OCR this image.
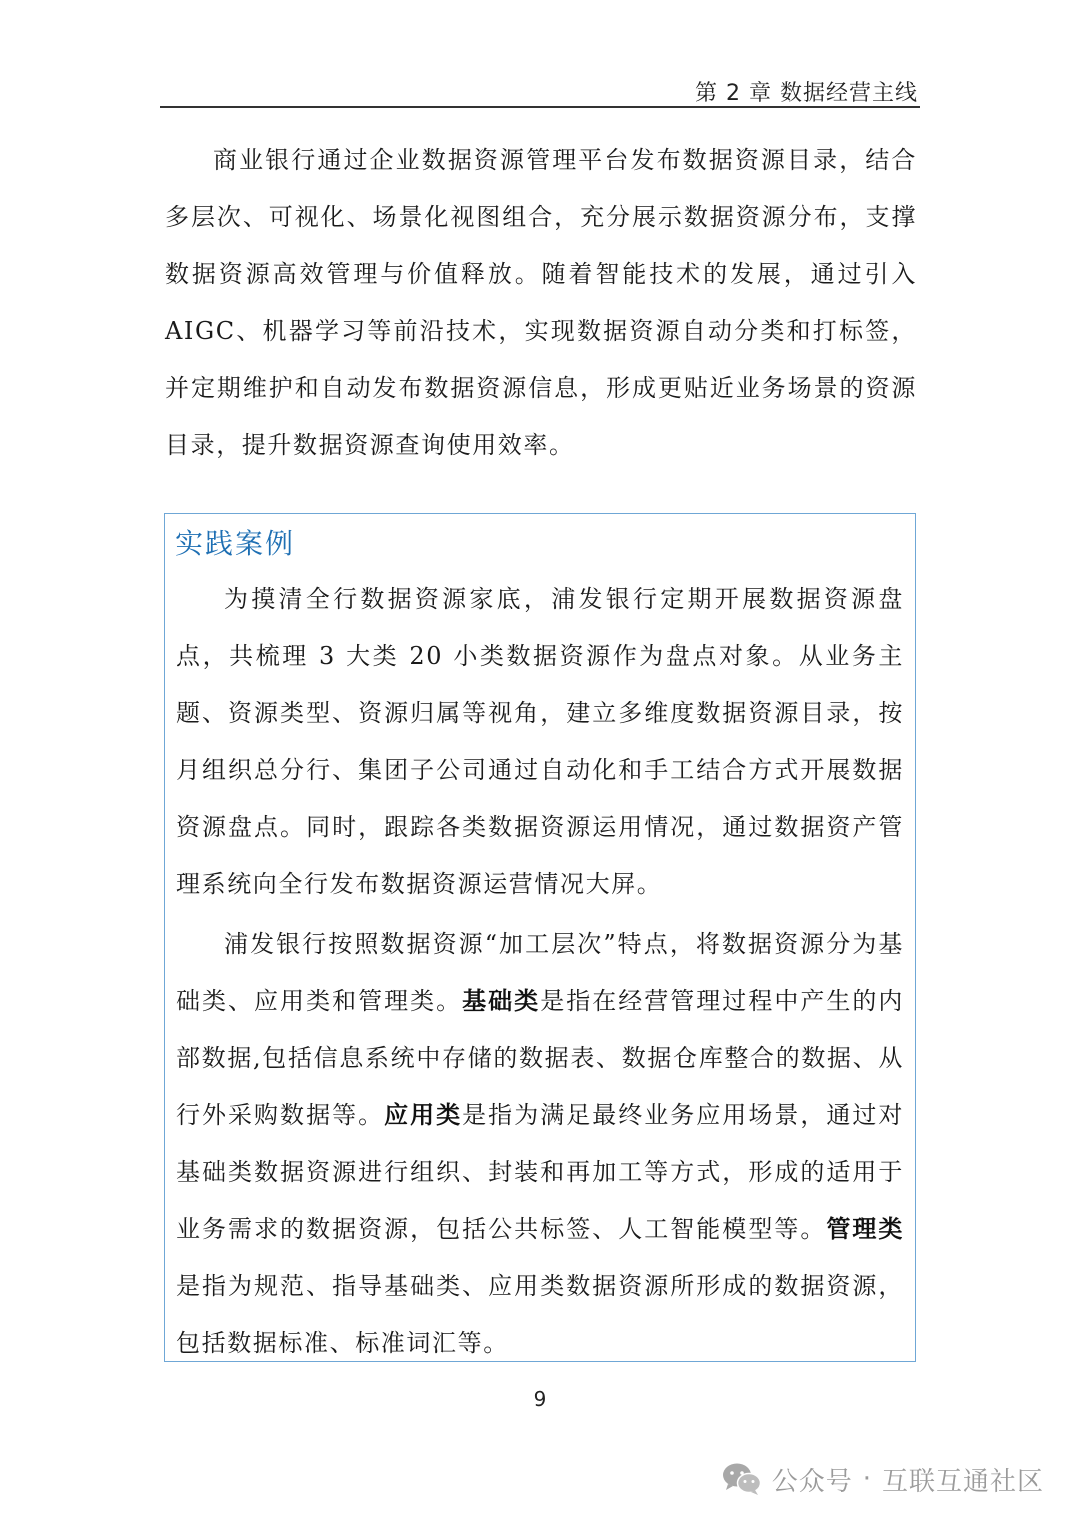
第 2 章 数据经营主线

商业银行通过企业数据资源管理平台发布数据资源目录，结合多层次、可视化、场景化视图组合，充分展示数据资源分布，支撑数据资源高效管理与价值释放。随着智能技术的发展，通过引入 AIGC、机器学习等前沿技术，实现数据资源自动分类和打标签，并定期维护和自动发布数据资源信息，形成更贴近业务场景的资源目录，提升数据资源查询使用效率。

实践案例

为摸清全行数据资源家底，浦发银行定期开展数据资源盘点，共梳理 3 大类 20 小类数据资源作为盘点对象。从业务主题、资源类型、资源归属等视角，建立多维度数据资源目录，按月组织总分行、集团子公司通过自动化和手工结合方式开展数据资源盘点。同时，跟踪各类数据资源运用情况，通过数据资产管理系统向全行发布数据资源运营情况大屏。

浦发银行按照数据资源“加工层次”特点，将数据资源分为基础类、应用类和管理类。基础类是指在经营管理过程中产生的内部数据,包括信息系统中存储的数据表、数据仓库整合的数据、从行外采购数据等。应用类是指为满足最终业务应用场景，通过对基础类数据资源进行组织、封装和再加工等方式，形成的适用于业务需求的数据资源，包括公共标签、人工智能模型等。管理类是指为规范、指导基础类、应用类数据资源所形成的数据资源，包括数据标准、标准词汇等。

9
公众号 · 互联互通社区
